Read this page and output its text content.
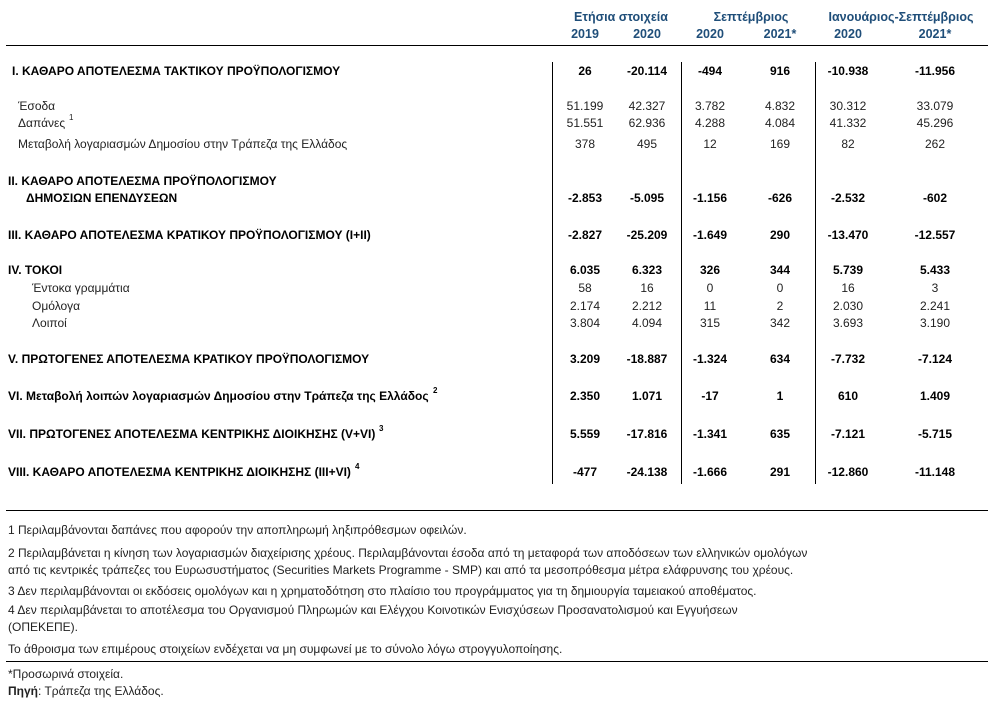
Ετήσια στοιχεία	Σεπτέμβριος	Ιανουάριος-Σεπτέμβριος
2019	2020	2020	2021*	2020	2021*
I. ΚΑΘΑΡΟ ΑΠΟΤΕΛΕΣΜΑ ΤΑΚΤΙΚΟΥ ΠΡΟΫΠΟΛΟΓΙΣΜΟΥ	26	-20.114	-494	916	-10.938	-11.956
Έσοδα	51.199	42.327	3.782	4.832	30.312	33.079
Δαπάνες 1	51.551	62.936	4.288	4.084	41.332	45.296
Μεταβολή λογαριασμών Δημοσίου στην Τράπεζα της Ελλάδος	378	495	12	169	82	262
II. ΚΑΘΑΡΟ ΑΠΟΤΕΛΕΣΜΑ ΠΡΟΫΠΟΛΟΓΙΣΜΟΥ
ΔΗΜΟΣΙΩΝ ΕΠΕΝΔΥΣΕΩΝ	-2.853	-5.095	-1.156	-626	-2.532	-602
III. ΚΑΘΑΡΟ ΑΠΟΤΕΛΕΣΜΑ ΚΡΑΤΙΚΟΥ ΠΡΟΫΠΟΛΟΓΙΣΜΟΥ (I+II)	-2.827	-25.209	-1.649	290	-13.470	-12.557
IV. ΤΟΚΟΙ	6.035	6.323	326	344	5.739	5.433
Έντοκα γραμμάτια	58	16	0	0	16	3
Ομόλογα	2.174	2.212	11	2	2.030	2.241
Λοιποί	3.804	4.094	315	342	3.693	3.190
V. ΠΡΩΤΟΓΕΝΕΣ ΑΠΟΤΕΛΕΣΜΑ ΚΡΑΤΙΚΟΥ ΠΡΟΫΠΟΛΟΓΙΣΜΟΥ	3.209	-18.887	-1.324	634	-7.732	-7.124
VI. Μεταβολή λοιπών λογαριασμών Δημοσίου στην Τράπεζα της Ελλάδος 2	2.350	1.071	-17	1	610	1.409
VII. ΠΡΩΤΟΓΕΝΕΣ ΑΠΟΤΕΛΕΣΜΑ ΚΕΝΤΡΙΚΗΣ ΔΙΟΙΚΗΣΗΣ (V+VI) 3	5.559	-17.816	-1.341	635	-7.121	-5.715
VIII. ΚΑΘΑΡΟ ΑΠΟΤΕΛΕΣΜΑ ΚΕΝΤΡΙΚΗΣ ΔΙΟΙΚΗΣΗΣ (III+VI) 4	-477	-24.138	-1.666	291	-12.860	-11.148
1 Περιλαμβάνονται δαπάνες που αφορούν την αποπληρωμή ληξιπρόθεσμων οφειλών.
2 Περιλαμβάνεται η κίνηση των λογαριασμών διαχείρισης χρέους. Περιλαμβάνονται έσοδα από τη μεταφορά των αποδόσεων των ελληνικών ομολόγων
από τις κεντρικές τράπεζες του Ευρωσυστήματος (Securities Markets Programme - SMP) και από τα μεσοπρόθεσμα μέτρα ελάφρυνσης του χρέους.
3 Δεν περιλαμβάνονται οι εκδόσεις ομολόγων και η χρηματοδότηση στο πλαίσιο του προγράμματος για τη δημιουργία ταμειακού αποθέματος.
4 Δεν περιλαμβάνεται το αποτέλεσμα του Οργανισμού Πληρωμών και Ελέγχου Κοινοτικών Ενισχύσεων Προσανατολισμού και Εγγυήσεων
(ΟΠΕΚΕΠΕ).
Το άθροισμα των επιμέρους στοιχείων ενδέχεται να μη συμφωνεί με το σύνολο λόγω στρογγυλοποίησης.
*Προσωρινά στοιχεία.
Πηγή: Τράπεζα της Ελλάδος.
